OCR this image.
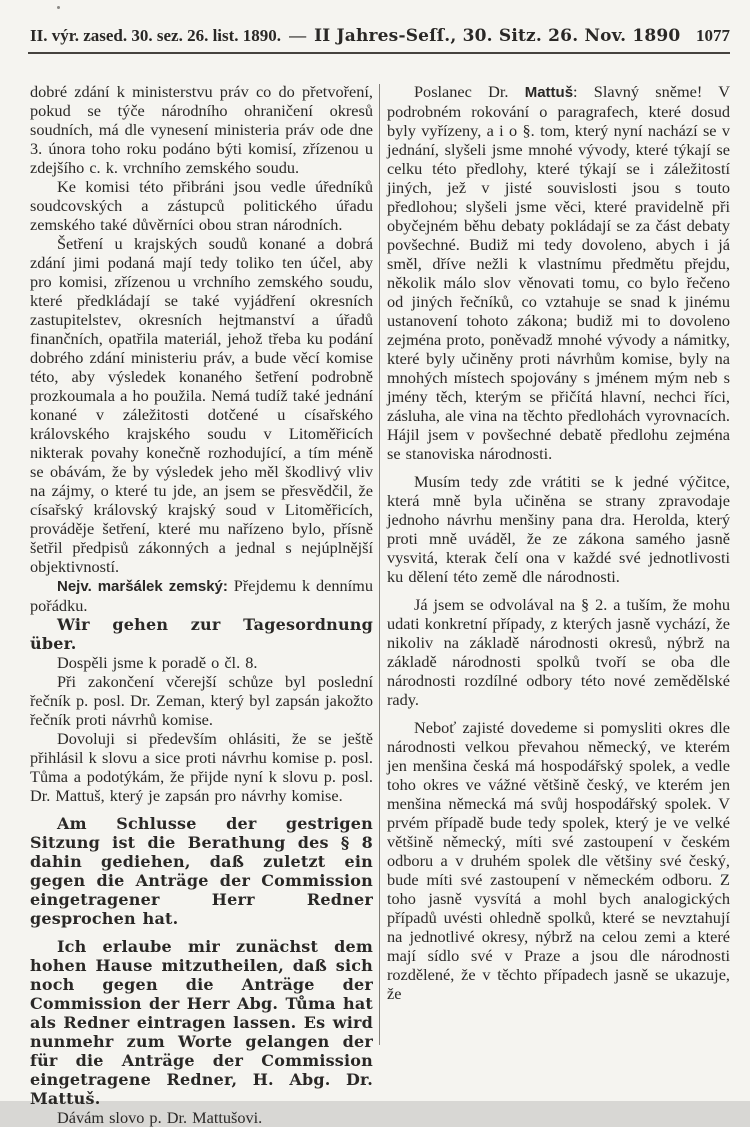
II. výr. zased. 30. sez. 26. list. 1890. — II Jahres-Seſſ., 30. Sitz. 26. Nov. 1890 1077

dobré zdání k ministerstvu práv co do přetvoření, pokud se týče národního ohraničení okresů soudních, má dle vynesení ministeria práv ode dne 3. února toho roku podáno býti komisí, zřízenou u zdejšího c. k. vrchního zemského soudu.

Ke komisi této přibráni jsou vedle úředníků soudcovských a zástupců politického úřadu zemského také důvěrníci obou stran národních.

Šetření u krajských soudů konané a dobrá zdání jimi podaná mají tedy toliko ten účel, aby pro komisi, zřízenou u vrchního zemského soudu, které předkládají se také vyjádření okresních zastupitelstev, okresních hejtmanství a úřadů finančních, opatřila materiál, jehož třeba ku podání dobrého zdání ministeriu práv, a bude věcí komise této, aby výsledek konaného šetření podrobně prozkoumala a ho použila. Nemá tudíž také jednání konané v záležitosti dotčené u císařského královského krajského soudu v Litoměřicích nikterak povahy konečně rozhodující, a tím méně se obávám, že by výsledek jeho měl škodlivý vliv na zájmy, o které tu jde, an jsem se přesvědčil, že císařský královský krajský soud v Litoměřicích, prováděje šetření, které mu nařízeno bylo, přísně šetřil předpisů zákonných a jednal s nejúplnější objektivností.

Nejv. maršálek zemský: Přejdemu k dennímu pořádku.

Wir gehen zur Tagesordnung über.

Dospěli jsme k poradě o čl. 8.

Při zakončení včerejší schůze byl poslední řečník p. posl. Dr. Zeman, který byl zapsán jakožto řečník proti návrhů komise.

Dovoluji si především ohlásiti, že se ještě přihlásil k slovu a sice proti návrhu komise p. posl. Tůma a podotýkám, že přijde nyní k slovu p. posl. Dr. Mattuš, který je zapsán pro návrhy komise.

Am Schlusse der gestrigen Sitzung ist die Berathung des § 8 dahin gediehen, daß zuletzt ein gegen die Anträge der Commission eingetragener Herr Redner gesprochen hat.

Ich erlaube mir zunächst dem hohen Hause mitzutheilen, daß sich noch gegen die Anträge der Commission der Herr Abg. Tůma hat als Redner eintragen lassen. Es wird nunmehr zum Worte gelangen der für die Anträge der Commission eingetragene Redner, H. Abg. Dr. Mattuš.

Dávám slovo p. Dr. Mattušovi.

Poslanec Dr. Mattuš: Slavný sněme! V podrobném rokování o paragrafech, které dosud byly vyřízeny, a i o §. tom, který nyní nachází se v jednání, slyšeli jsme mnohé vývody, které týkají se celku této předlohy, které týkají se i záležitostí jiných, jež v jisté souvislosti jsou s touto předlohou; slyšeli jsme věci, které pravidelně při obyčejném běhu debaty pokládají se za část debaty povšechné. Budiž mi tedy dovoleno, abych i já směl, dříve nežli k vlastnímu předmětu přejdu, několik málo slov věnovati tomu, co bylo řečeno od jiných řečníků, co vztahuje se snad k jinému ustanovení tohoto zákona; budiž mi to dovoleno zejména proto, poněvadž mnohé vývody a námitky, které byly učiněny proti návrhům komise, byly na mnohých místech spojovány s jménem mým neb s jmény těch, kterým se přičítá hlavní, nechci říci, zásluha, ale vina na těchto předlohách vyrovnacích. Hájil jsem v povšechné debatě předlohu zejména se stanoviska národnosti.

Musím tedy zde vrátiti se k jedné výčitce, která mně byla učiněna se strany zpravodaje jednoho návrhu menšiny pana dra. Herolda, který proti mně uváděl, že ze zákona samého jasně vysvitá, kterak čelí ona v každé své jednotlivosti ku dělení této země dle národnosti.

Já jsem se odvolával na § 2. a tuším, že mohu udati konkretní případy, z kterých jasně vychází, že nikoliv na základě národnosti okresů, nýbrž na základě národnosti spolků tvoří se oba dle národnosti rozdílné odbory této nové zemědělské rady.

Neboť zajisté dovedeme si pomysliti okres dle národnosti velkou převahou německý, ve kterém jen menšina česká má hospodářský spolek, a vedle toho okres ve vážné většině český, ve kterém jen menšina německá má svůj hospodářský spolek. V prvém případě bude tedy spolek, který je ve velké většině německý, míti své zastoupení v českém odboru a v druhém spolek dle většiny své český, bude míti své zastoupení v německém odboru. Z toho jasně vysvítá a mohl bych analogických případů uvésti ohledně spolků, které se nevztahují na jednotlivé okresy, nýbrž na celou zemi a které mají sídlo své v Praze a jsou dle národnosti rozdělené, že v těchto případech jasně se ukazuje, že
